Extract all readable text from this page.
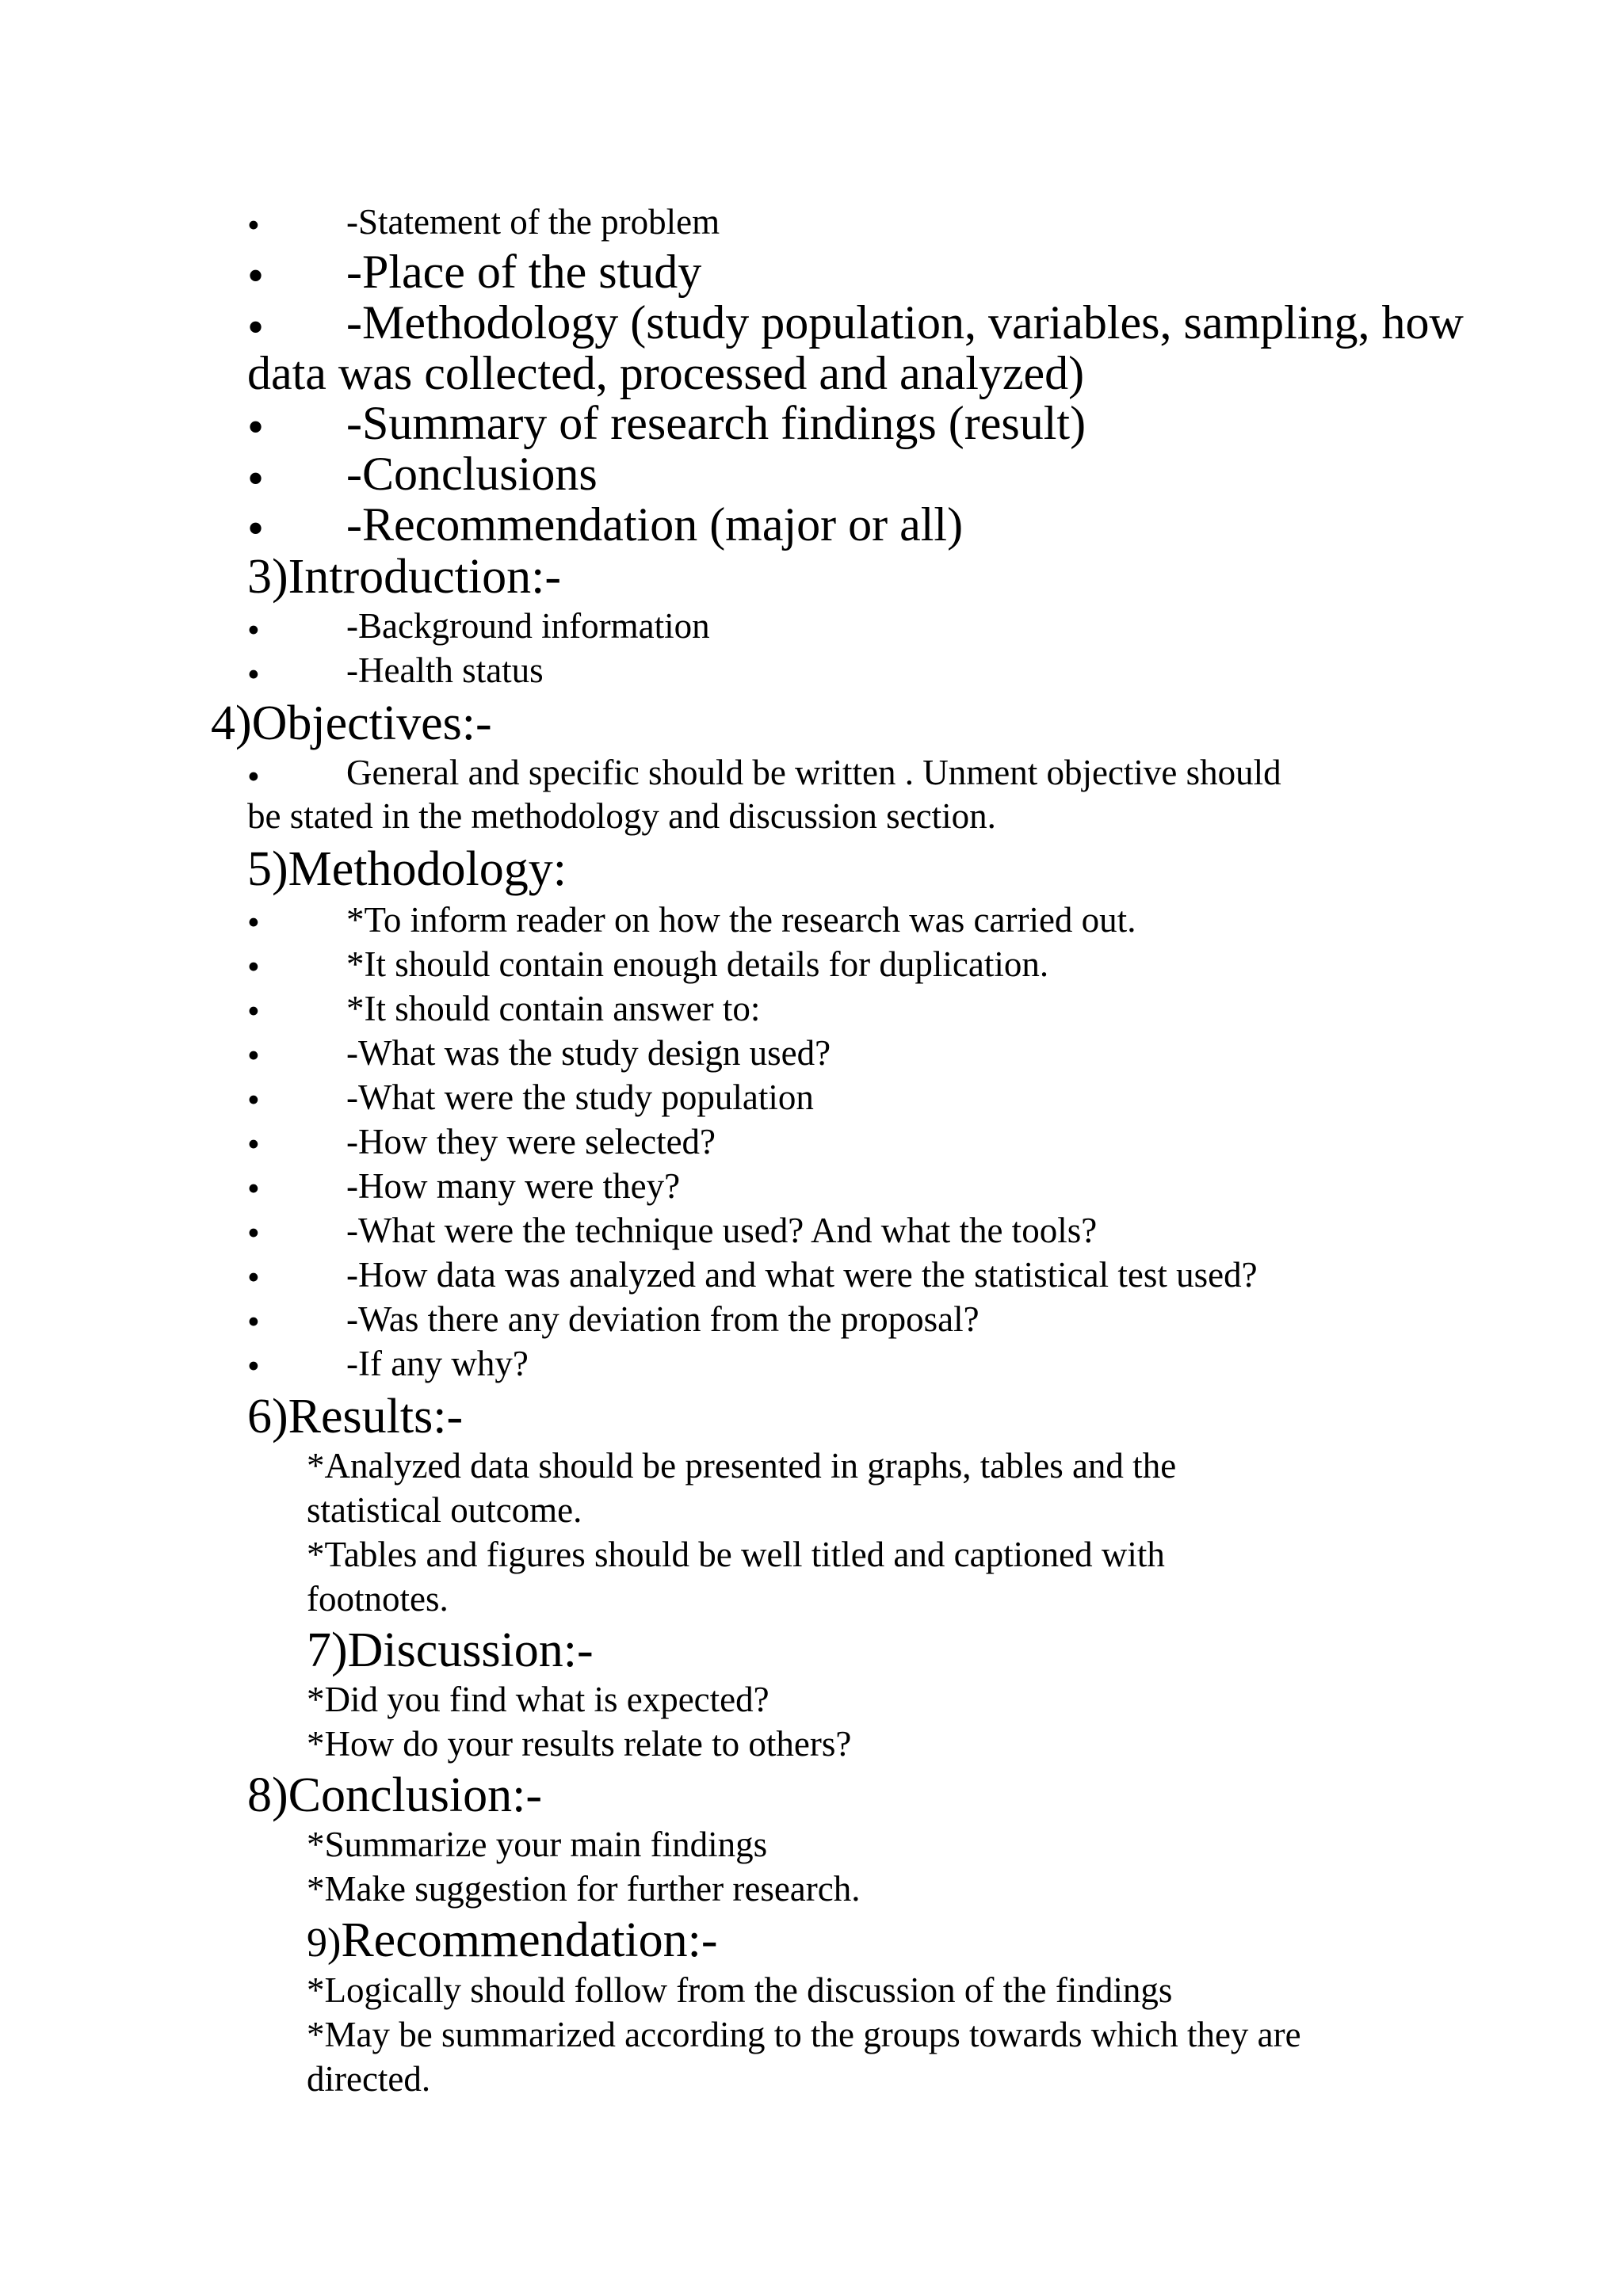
• -Statement of the problem
• -Place of the study
• -Methodology (study population, variables, sampling, how
data was collected, processed and analyzed)
• -Summary of research findings (result)
• -Conclusions
• -Recommendation (major or all)
3)Introduction:-
• -Background information
• -Health status
4)Objectives:-
• General and specific should be written . Unment objective should
be stated in the methodology and discussion section.
5)Methodology:
• *To inform reader on how the research was carried out.
• *It should contain enough details for duplication.
• *It should contain answer to:
• -What was the study design used?
• -What were the study population
• -How they were selected?
• -How many were they?
• -What were the technique used? And what the tools?
• -How data was analyzed and what were the statistical test used?
• -Was there any deviation from the proposal?
• -If any why?
6)Results:-
*Analyzed data should be presented in graphs, tables and the
statistical outcome.
*Tables and figures should be well titled and captioned with
footnotes.
7)Discussion:-
*Did you find what is expected?
*How do your results relate to others?
8)Conclusion:-
*Summarize your main findings
*Make suggestion for further research.
9)Recommendation:-
*Logically should follow from the discussion of the findings
*May be summarized according to the groups towards which they are
directed.
